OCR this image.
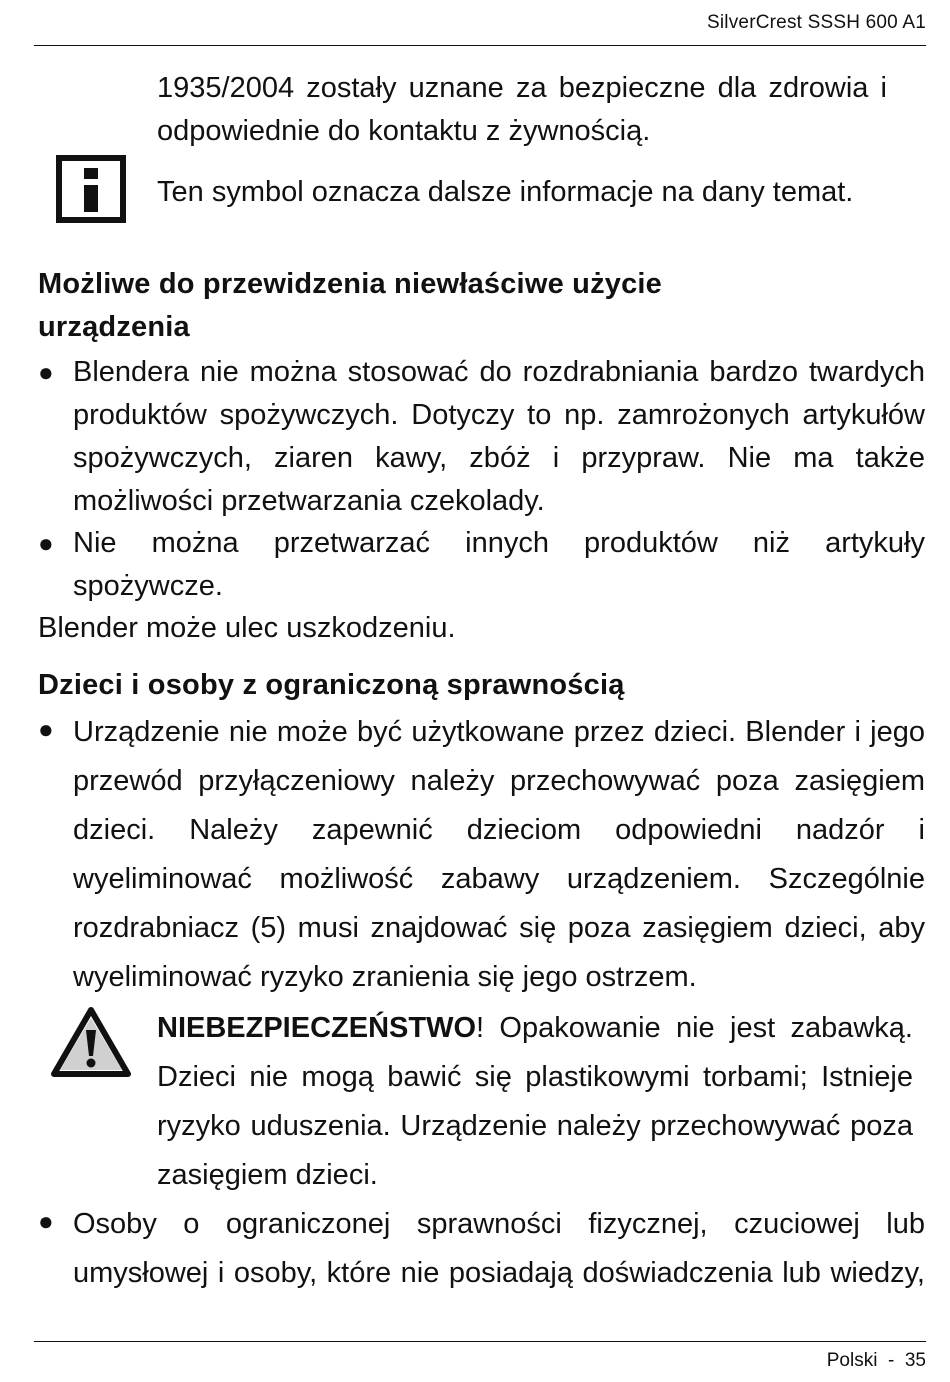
SilverCrest SSSH 600 A1

1935/2004 zostały uznane za bezpieczne dla zdrowia i odpowiednie do kontaktu z żywnością.

Ten symbol oznacza dalsze informacje na dany temat.

Możliwe do przewidzenia niewłaściwe użycie urządzenia
● Blendera nie można stosować do rozdrabniania bardzo twardych produktów spożywczych. Dotyczy to np. zamrożonych artykułów spożywczych, ziaren kawy, zbóż i przypraw. Nie ma także możliwości przetwarzania czekolady.

● Nie można przetwarzać innych produktów niż artykuły spożywcze.

Blender może ulec uszkodzeniu.

Dzieci i osoby z ograniczoną sprawnością
● Urządzenie nie może być użytkowane przez dzieci. Blender i jego przewód przyłączeniowy należy przechowywać poza zasięgiem dzieci. Należy zapewnić dzieciom odpowiedni nadzór i wyeliminować możliwość zabawy urządzeniem. Szczególnie rozdrabniacz (5) musi znajdować się poza zasięgiem dzieci, aby wyeliminować ryzyko zranienia się jego ostrzem.

NIEBEZPIECZEŃSTWO! Opakowanie nie jest zabawką. Dzieci nie mogą bawić się plastikowymi torbami; Istnieje ryzyko uduszenia. Urządzenie należy przechowywać poza zasięgiem dzieci.

● Osoby o ograniczonej sprawności fizycznej, czuciowej lub umysłowej i osoby, które nie posiadają doświadczenia lub wiedzy,

Polski  -  35
